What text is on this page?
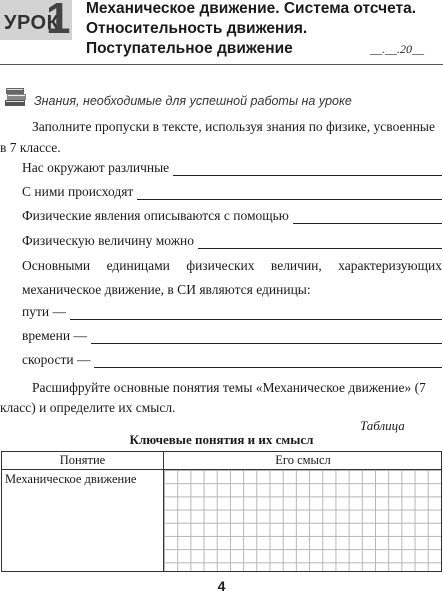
УРОК
1 Механическое движение. Система отсчета.
Относительность движения.
Поступательное движение	__.__.20__
Знания, необходимые для успешной работы на уроке
Заполните пропуски в тексте, используя знания по физике, усвоенные в 7 классе.
Нас окружают различные
С ними происходят
Физические явления описываются с помощью
Физическую величину можно
Основными единицами физических величин, характеризующих механическое движение, в СИ являются единицы:
пути —
времени —
скорости —
Расшифруйте основные понятия темы «Механическое движение» (7 класс) и определите их смысл.
Таблица
Ключевые понятия и их смысл
Понятие	Его смысл
Механическое движение
4
